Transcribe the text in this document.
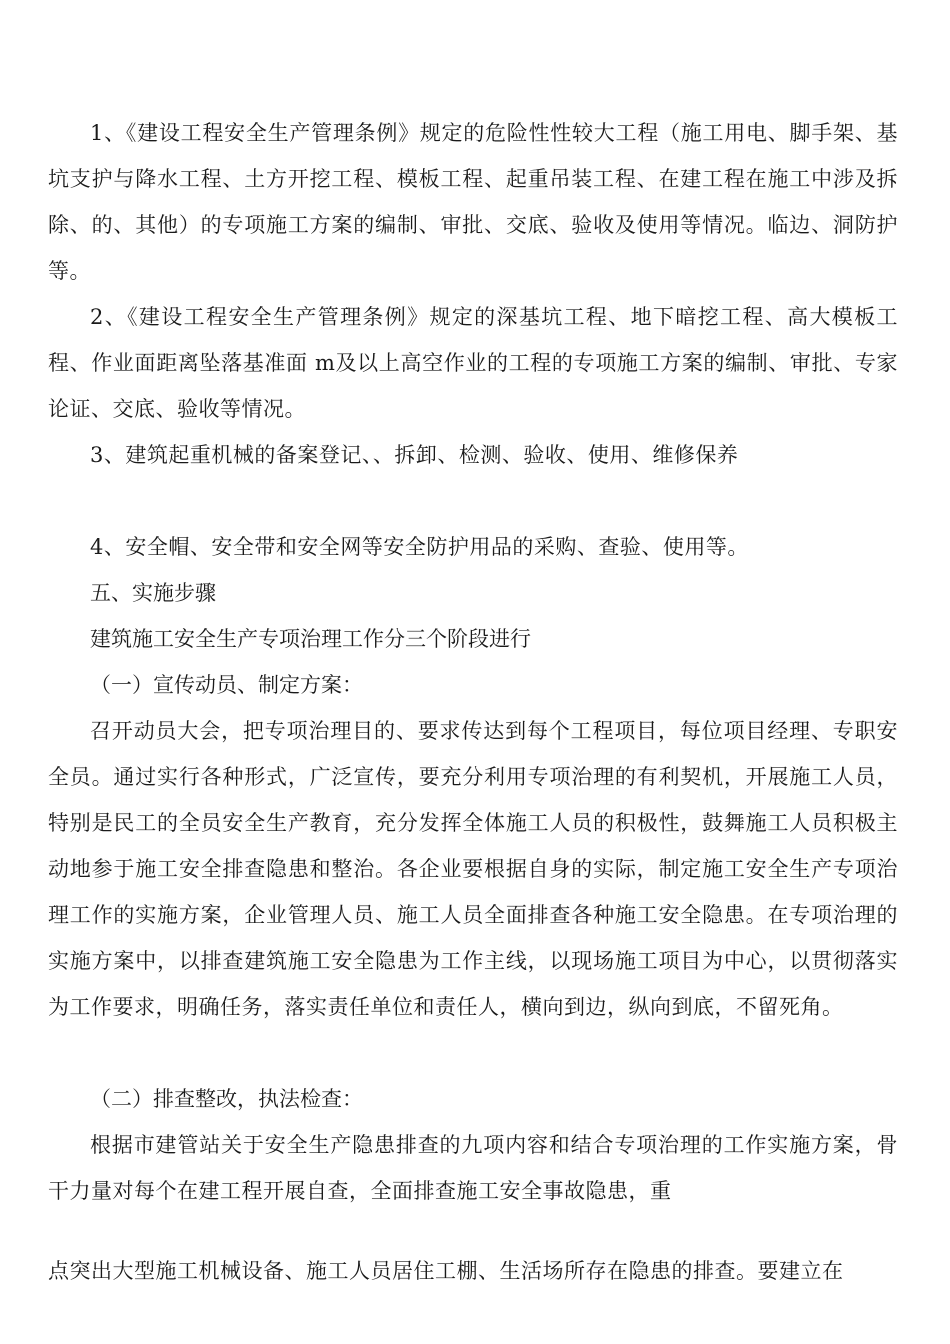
1、《建设工程安全生产管理条例》规定的危险性性较大工程（施工用电、脚手架、基坑支护与降水工程、土方开挖工程、模板工程、起重吊装工程、在建工程在施工中涉及拆除、的、其他）的专项施工方案的编制、审批、交底、验收及使用等情况。临边、洞防护等。

2、《建设工程安全生产管理条例》规定的深基坑工程、地下暗挖工程、高大模板工程、作业面距离坠落基准面 m及以上高空作业的工程的专项施工方案的编制、审批、专家论证、交底、验收等情况。

3、建筑起重机械的备案登记、、拆卸、检测、验收、使用、维修保养

4、安全帽、安全带和安全网等安全防护用品的采购、查验、使用等。

五、实施步骤

建筑施工安全生产专项治理工作分三个阶段进行

（一）宣传动员、制定方案：

召开动员大会，把专项治理目的、要求传达到每个工程项目，每位项目经理、专职安全员。通过实行各种形式，广泛宣传，要充分利用专项治理的有利契机，开展施工人员，特别是民工的全员安全生产教育，充分发挥全体施工人员的积极性，鼓舞施工人员积极主动地参于施工安全排查隐患和整治。各企业要根据自身的实际，制定施工安全生产专项治理工作的实施方案，企业管理人员、施工人员全面排查各种施工安全隐患。在专项治理的实施方案中，以排查建筑施工安全隐患为工作主线，以现场施工项目为中心，以贯彻落实为工作要求，明确任务，落实责任单位和责任人，横向到边，纵向到底，不留死角。

（二）排查整改，执法检查：

根据市建管站关于安全生产隐患排查的九项内容和结合专项治理的工作实施方案，骨干力量对每个在建工程开展自查，全面排查施工安全事故隐患，重

点突出大型施工机械设备、施工人员居住工棚、生活场所存在隐患的排查。要建立在
